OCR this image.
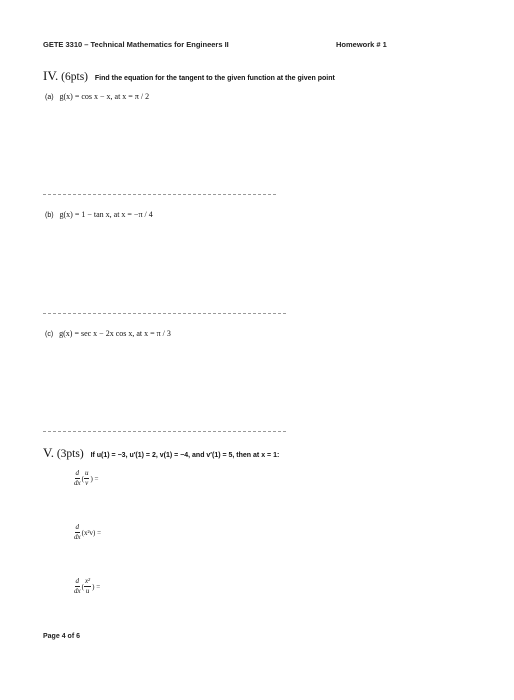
GETE 3310 – Technical Mathematics for Engineers II	Homework # 1
IV. (6pts) Find the equation for the tangent to the given function at the given point
(a) g(x) = cos x − x, at x = π / 2
(b) g(x) = 1 − tan x, at x = −π / 4
(c) g(x) = sec x − 2x cos x, at x = π / 3
V. (3pts) If u(1) = −3, u′(1) = 2, v(1) = −4, and v′(1) = 5, then at x = 1:
$\frac{d}{dx}$ ( $\frac{u}{v}$ ) =
$\frac{d}{dx} (x^2v)$ =
$\frac{d}{dx}$ ( $\frac{\text{x²}}{u}$ ) =
Page 4 of 6
